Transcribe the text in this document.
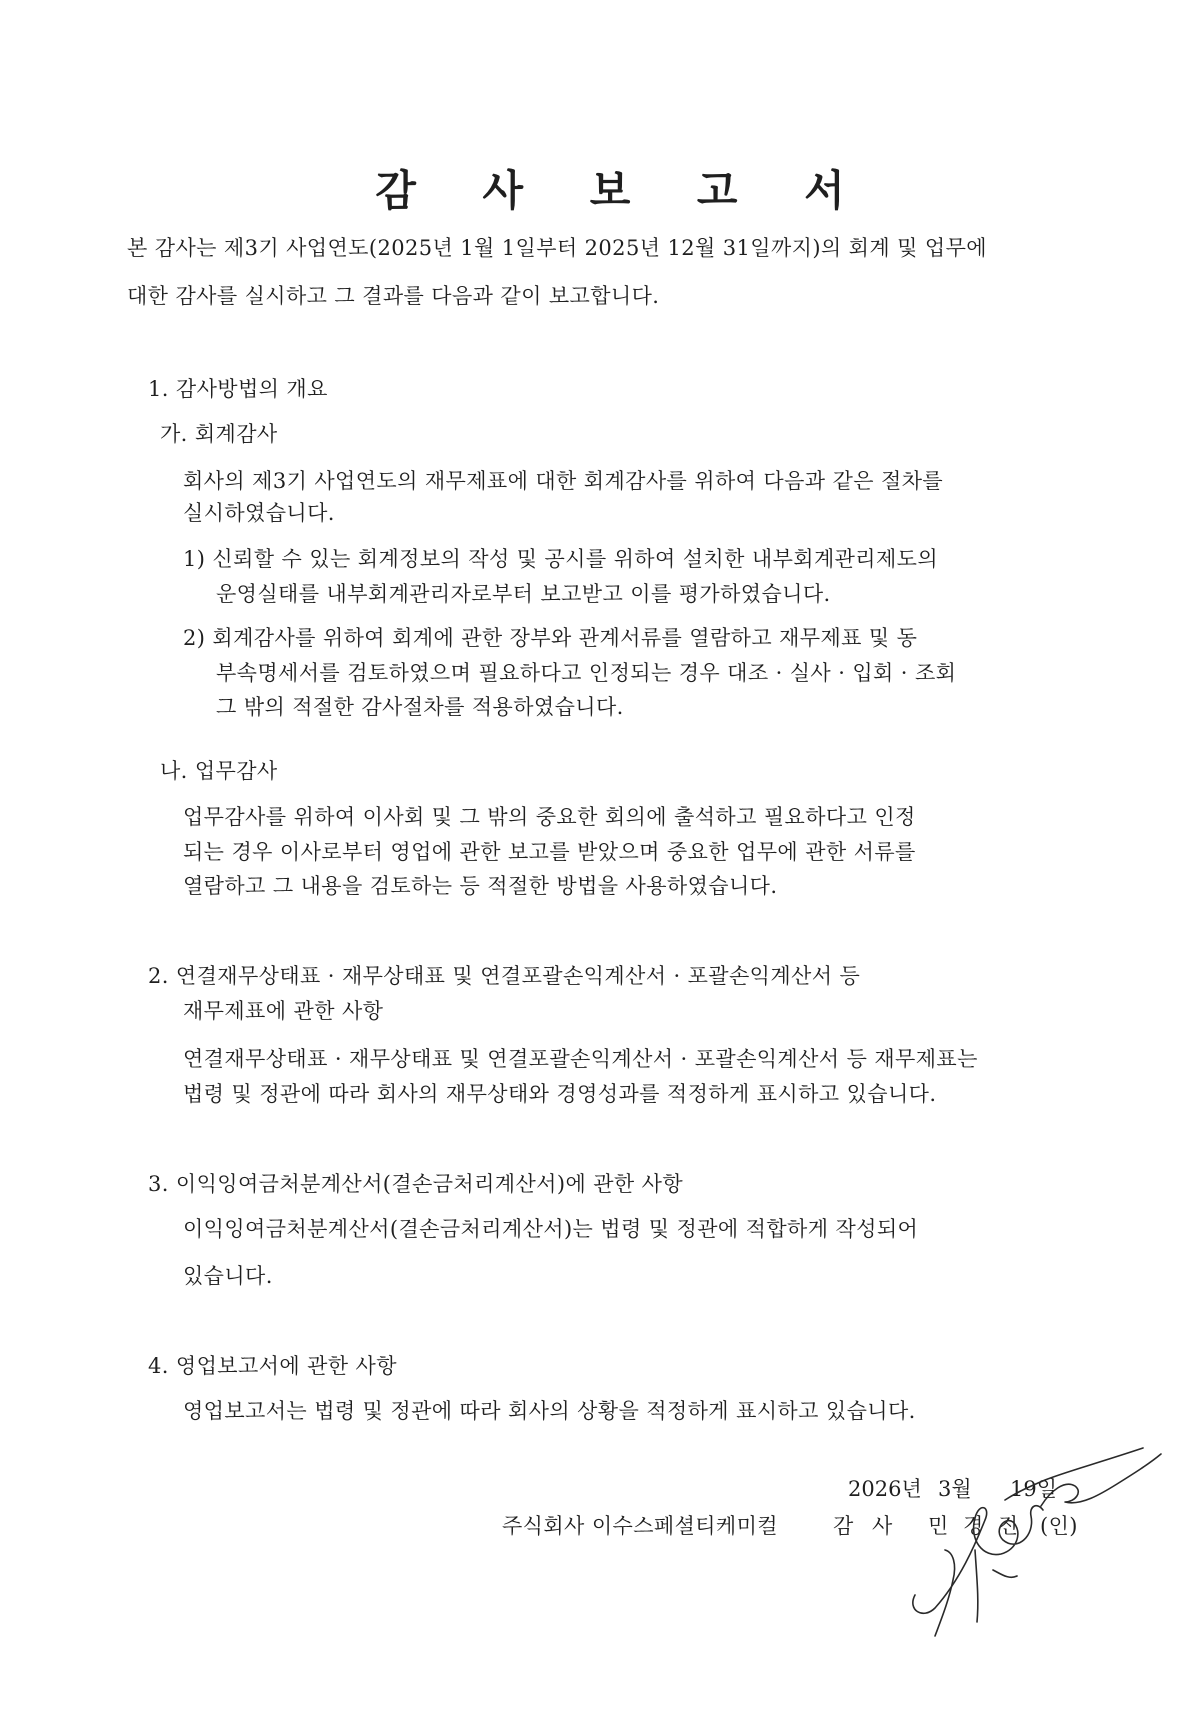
감 사 보 고 서
본 감사는 제3기 사업연도(2025년 1월 1일부터 2025년 12월 31일까지)의 회계 및 업무에
대한 감사를 실시하고 그 결과를 다음과 같이 보고합니다.
1. 감사방법의 개요
가. 회계감사
회사의 제3기 사업연도의 재무제표에 대한 회계감사를 위하여 다음과 같은 절차를
실시하였습니다.
1) 신뢰할 수 있는 회계정보의 작성 및 공시를 위하여 설치한 내부회계관리제도의
운영실태를 내부회계관리자로부터 보고받고 이를 평가하였습니다.
2) 회계감사를 위하여 회계에 관한 장부와 관계서류를 열람하고 재무제표 및 동
부속명세서를 검토하였으며 필요하다고 인정되는 경우 대조 · 실사 · 입회 · 조회
그 밖의 적절한 감사절차를 적용하였습니다.
나. 업무감사
업무감사를 위하여 이사회 및 그 밖의 중요한 회의에 출석하고 필요하다고 인정
되는 경우 이사로부터 영업에 관한 보고를 받았으며 중요한 업무에 관한 서류를
열람하고 그 내용을 검토하는 등 적절한 방법을 사용하였습니다.
2. 연결재무상태표 · 재무상태표 및 연결포괄손익계산서 · 포괄손익계산서 등
재무제표에 관한 사항
연결재무상태표 · 재무상태표 및 연결포괄손익계산서 · 포괄손익계산서 등 재무제표는
법령 및 정관에 따라 회사의 재무상태와 경영성과를 적정하게 표시하고 있습니다.
3. 이익잉여금처분계산서(결손금처리계산서)에 관한 사항
이익잉여금처분계산서(결손금처리계산서)는 법령 및 정관에 적합하게 작성되어
있습니다.
4. 영업보고서에 관한 사항
영업보고서는 법령 및 정관에 따라 회사의 상황을 적정하게 표시하고 있습니다.
2026년 3월 19일
주식회사 이수스페셜티케미컬	감 사 민 경 진 (인)
